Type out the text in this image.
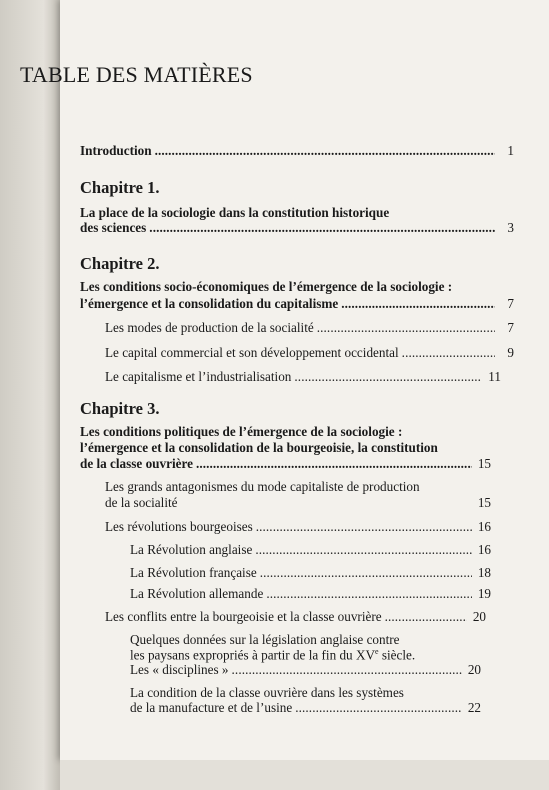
TABLE DES MATIÈRES
Introduction . . .	1
Chapitre 1.
La place de la sociologie dans la constitution historique
des sciences . . .	3
Chapitre 2.
Les conditions socio-économiques de l’émergence de la sociologie :
l’émergence et la consolidation du capitalisme . . .	7
Les modes de production de la socialité . . .	7
Le capital commercial et son développement occidental . . .	9
Le capitalisme et l’industrialisation . . .	11
Chapitre 3.
Les conditions politiques de l’émergence de la sociologie :
l’émergence et la consolidation de la bourgeoisie, la constitution
de la classe ouvrière . . .	15
Les grands antagonismes du mode capitaliste de production
de la socialité	15
Les révolutions bourgeoises . . .	16
La Révolution anglaise . . .	16
La Révolution française . . .	18
La Révolution allemande . . .	19
Les conflits entre la bourgeoisie et la classe ouvrière . . .	20
Quelques données sur la législation anglaise contre
les paysans expropriés à partir de la fin du XVe siècle.
Les « disciplines » . . .	20
La condition de la classe ouvrière dans les systèmes
de la manufacture et de l’usine . . .	22
